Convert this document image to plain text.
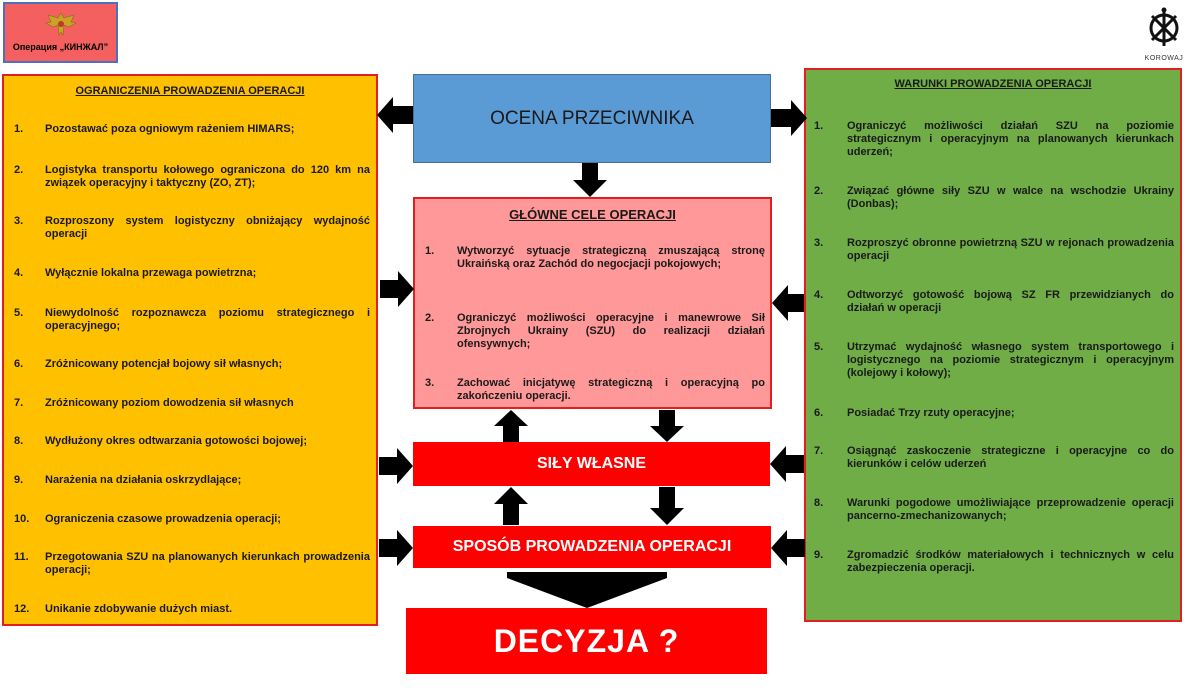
Операция „КИНЖАЛ”
KOROWAJ
OGRANICZENIA PROWADZENIA OPERACJI
1.	Pozostawać poza ogniowym rażeniem HIMARS;
2.	Logistyka transportu kołowego ograniczona do 120 km na związek operacyjny i taktyczny (ZO, ZT);
3.	Rozproszony system logistyczny obniżający wydajność operacji
4.	Wyłącznie lokalna przewaga powietrzna;
5.	Niewydolność rozpoznawcza poziomu strategicznego i operacyjnego;
6.	Zróżnicowany potencjał bojowy sił własnych;
7.	Zróżnicowany poziom dowodzenia sił własnych
8.	Wydłużony okres odtwarzania gotowości bojowej;
9.	Narażenia na działania oskrzydlające;
10.	Ograniczenia czasowe prowadzenia operacji;
11.	Przegotowania SZU na planowanych kierunkach prowadzenia operacji;
12.	Unikanie zdobywanie dużych miast.
WARUNKI PROWADZENIA OPERACJI
1.	Ograniczyć możliwości działań SZU na poziomie strategicznym i operacyjnym na planowanych kierunkach uderzeń;
2.	Związać główne siły SZU w walce na wschodzie Ukrainy (Donbas);
3.	Rozproszyć obronne powietrzną SZU w rejonach prowadzenia operacji
4.	Odtworzyć gotowość bojową SZ FR przewidzianych do działań w operacji
5.	Utrzymać wydajność własnego system transportowego i logistycznego na poziomie strategicznym i operacyjnym (kolejowy i kołowy);
6.	Posiadać Trzy rzuty operacyjne;
7.	Osiągnąć zaskoczenie strategiczne i operacyjne co do kierunków i celów uderzeń
8.	Warunki pogodowe umożliwiające przeprowadzenie operacji pancerno-zmechanizowanych;
9.	Zgromadzić środków materiałowych i technicznych w celu zabezpieczenia operacji.
OCENA PRZECIWNIKA
GŁÓWNE CELE OPERACJI
1.	Wytworzyć sytuacje strategiczną zmuszającą stronę Ukraińską oraz Zachód do negocjacji pokojowych;
2.	Ograniczyć możliwości operacyjne i manewrowe Sił Zbrojnych Ukrainy (SZU) do realizacji działań ofensywnych;
3.	Zachować inicjatywę strategiczną i operacyjną po zakończeniu operacji.
SIŁY WŁASNE
SPOSÓB PROWADZENIA OPERACJI
DECYZJA ?
